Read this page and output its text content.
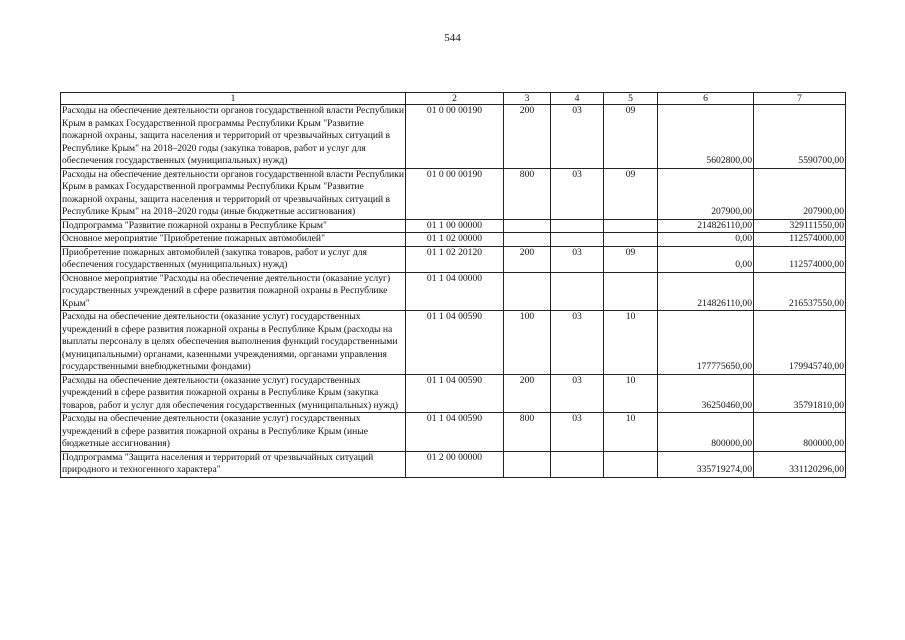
544
1	2	3	4	5	6	7
Расходы на обеспечение деятельности органов государственной власти Республики Крым в рамках Государственной программы Республики Крым "Развитие пожарной охраны, защита населения и территорий от чрезвычайных ситуаций в Республике Крым" на 2018–2020 годы (закупка товаров, работ и услуг для обеспечения государственных (муниципальных) нужд)	01 0 00 00190	200	03	09	5602800,00	5590700,00
Расходы на обеспечение деятельности органов государственной власти Республики Крым в рамках Государственной программы Республики Крым "Развитие пожарной охраны, защита населения и территорий от чрезвычайных ситуаций в Республике Крым" на 2018–2020 годы (иные бюджетные ассигнования)	01 0 00 00190	800	03	09	207900,00	207900,00
Подпрограмма "Развитие пожарной охраны в Республике Крым"	01 1 00 00000				214826110,00	329111550,00
Основное мероприятие "Приобретение пожарных автомобилей"	01 1 02 00000				0,00	112574000,00
Приобретение пожарных автомобилей (закупка товаров, работ и услуг для обеспечения государственных (муниципальных) нужд)	01 1 02 20120	200	03	09	0,00	112574000,00
Основное мероприятие "Расходы на обеспечение деятельности (оказание услуг) государственных учреждений в сфере развития пожарной охраны в Республике Крым"	01 1 04 00000				214826110,00	216537550,00
Расходы на обеспечение деятельности (оказание услуг) государственных учреждений в сфере развития пожарной охраны в Республике Крым (расходы на выплаты персоналу в целях обеспечения выполнения функций государственными (муниципальными) органами, казенными учреждениями, органами управления государственными внебюджетными фондами)	01 1 04 00590	100	03	10	177775650,00	179945740,00
Расходы на обеспечение деятельности (оказание услуг) государственных учреждений в сфере развития пожарной охраны в Республике Крым (закупка товаров, работ и услуг для обеспечения государственных (муниципальных) нужд)	01 1 04 00590	200	03	10	36250460,00	35791810,00
Расходы на обеспечение деятельности (оказание услуг) государственных учреждений в сфере развития пожарной охраны в Республике Крым (иные бюджетные ассигнования)	01 1 04 00590	800	03	10	800000,00	800000,00
Подпрограмма "Защита населения и территорий от чрезвычайных ситуаций природного и техногенного характера"	01 2 00 00000				335719274,00	331120296,00
